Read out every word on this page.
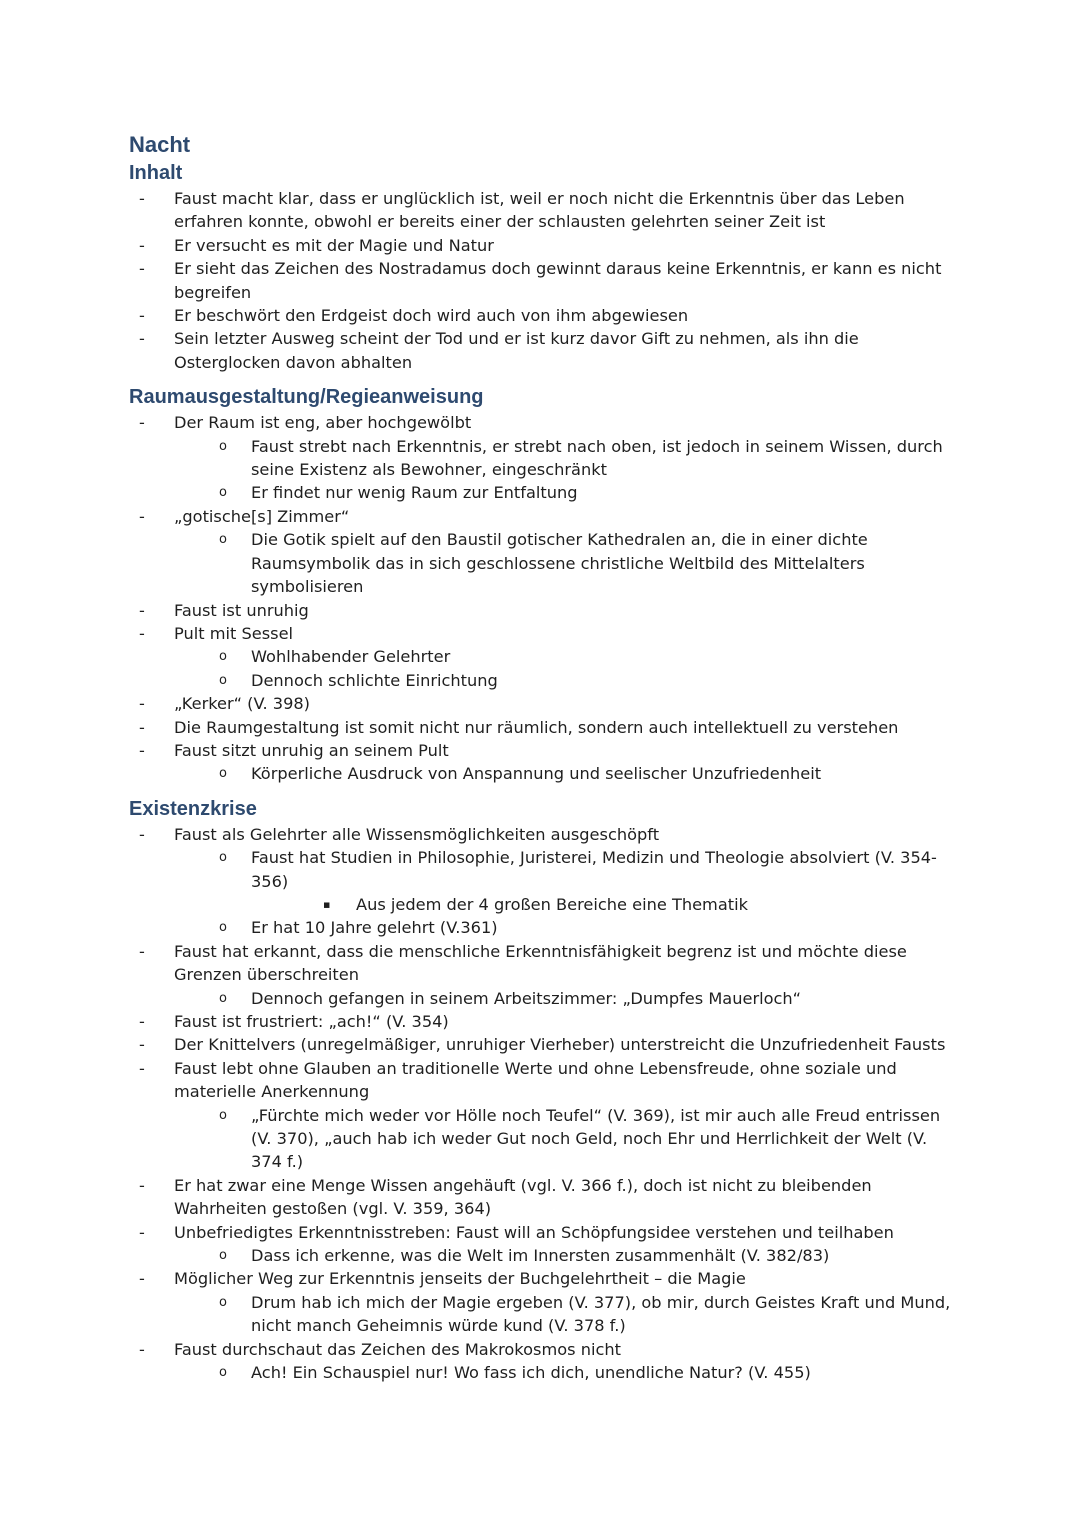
Nacht
Inhalt
-	Faust macht klar, dass er unglücklich ist, weil er noch nicht die Erkenntnis über das Leben erfahren konnte, obwohl er bereits einer der schlausten gelehrten seiner Zeit ist
-	Er versucht es mit der Magie und Natur
-	Er sieht das Zeichen des Nostradamus doch gewinnt daraus keine Erkenntnis, er kann es nicht begreifen
-	Er beschwört den Erdgeist doch wird auch von ihm abgewiesen
-	Sein letzter Ausweg scheint der Tod und er ist kurz davor Gift zu nehmen, als ihn die Osterglocken davon abhalten
Raumausgestaltung/Regieanweisung
-	Der Raum ist eng, aber hochgewölbt
o	Faust strebt nach Erkenntnis, er strebt nach oben, ist jedoch in seinem Wissen, durch seine Existenz als Bewohner, eingeschränkt
o	Er findet nur wenig Raum zur Entfaltung
-	„gotische[s] Zimmer“
o	Die Gotik spielt auf den Baustil gotischer Kathedralen an, die in einer dichte Raumsymbolik das in sich geschlossene christliche Weltbild des Mittelalters symbolisieren
-	Faust ist unruhig
-	Pult mit Sessel
o	Wohlhabender Gelehrter
o	Dennoch schlichte Einrichtung
-	„Kerker“ (V. 398)
-	Die Raumgestaltung ist somit nicht nur räumlich, sondern auch intellektuell zu verstehen
-	Faust sitzt unruhig an seinem Pult
o	Körperliche Ausdruck von Anspannung und seelischer Unzufriedenheit
Existenzkrise
-	Faust als Gelehrter alle Wissensmöglichkeiten ausgeschöpft
o	Faust hat Studien in Philosophie, Juristerei, Medizin und Theologie absolviert (V. 354-356)
▪	Aus jedem der 4 großen Bereiche eine Thematik
o	Er hat 10 Jahre gelehrt (V.361)
-	Faust hat erkannt, dass die menschliche Erkenntnisfähigkeit begrenz ist und möchte diese Grenzen überschreiten
o	Dennoch gefangen in seinem Arbeitszimmer: „Dumpfes Mauerloch“
-	Faust ist frustriert: „ach!“ (V. 354)
-	Der Knittelvers (unregelmäßiger, unruhiger Vierheber) unterstreicht die Unzufriedenheit Fausts
-	Faust lebt ohne Glauben an traditionelle Werte und ohne Lebensfreude, ohne soziale und materielle Anerkennung
o	„Fürchte mich weder vor Hölle noch Teufel“ (V. 369), ist mir auch alle Freud entrissen (V. 370), „auch hab ich weder Gut noch Geld, noch Ehr und Herrlichkeit der Welt (V. 374 f.)
-	Er hat zwar eine Menge Wissen angehäuft (vgl. V. 366 f.), doch ist nicht zu bleibenden Wahrheiten gestoßen (vgl. V. 359, 364)
-	Unbefriedigtes Erkenntnisstreben: Faust will an Schöpfungsidee verstehen und teilhaben
o	Dass ich erkenne, was die Welt im Innersten zusammenhält (V. 382/83)
-	Möglicher Weg zur Erkenntnis jenseits der Buchgelehrtheit – die Magie
o	Drum hab ich mich der Magie ergeben (V. 377), ob mir, durch Geistes Kraft und Mund, nicht manch Geheimnis würde kund (V. 378 f.)
-	Faust durchschaut das Zeichen des Makrokosmos nicht
o	Ach! Ein Schauspiel nur! Wo fass ich dich, unendliche Natur? (V. 455)
